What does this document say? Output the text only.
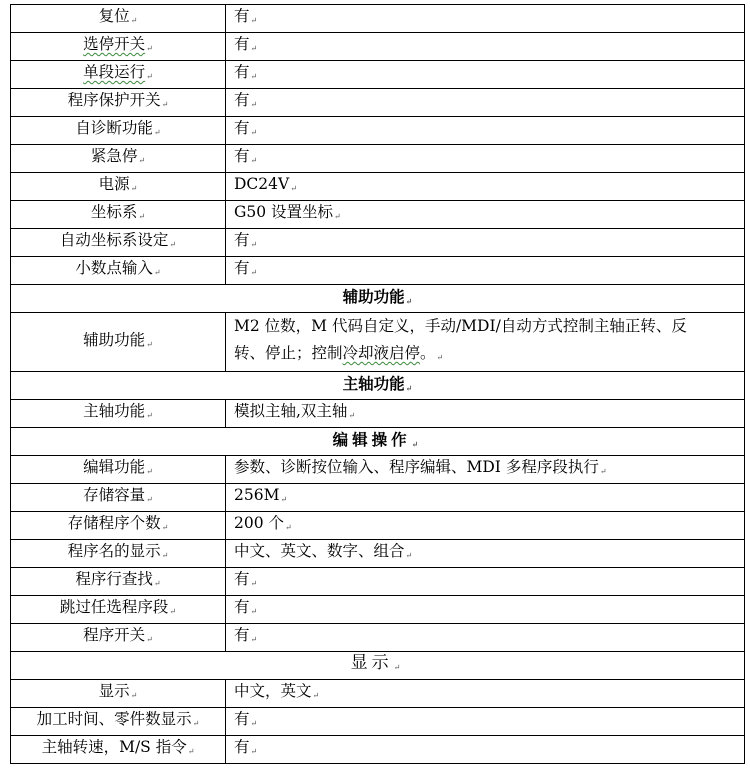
复位↵	有↵
选停开关↵	有↵
单段运行↵	有↵
程序保护开关↵	有↵
自诊断功能↵	有↵
紧急停↵	有↵
电源↵	DC24V↵
坐标系↵	G50 设置坐标↵
自动坐标系设定↵	有↵
小数点输入↵	有↵
辅助功能↵	
辅助功能↵	M2 位数，M 代码自定义，手动/MDI/自动方式控制主轴正转、反
转、停止；控制冷却液启停。↵

主轴功能↵	
主轴功能↵	模拟主轴,双主轴↵
编辑操作↵	
编辑功能↵	参数、诊断按位输入、程序编辑、MDI 多程序段执行↵
存储容量↵	256M↵
存储程序个数↵	200 个↵
程序名的显示↵	中文、英文、数字、组合↵
程序行查找↵	有↵
跳过任选程序段↵	有↵
程序开关↵	有↵
显示↵	
显示↵	中文，英文↵
加工时间、零件数显示↵	有↵
主轴转速，M/S 指令↵	有↵
